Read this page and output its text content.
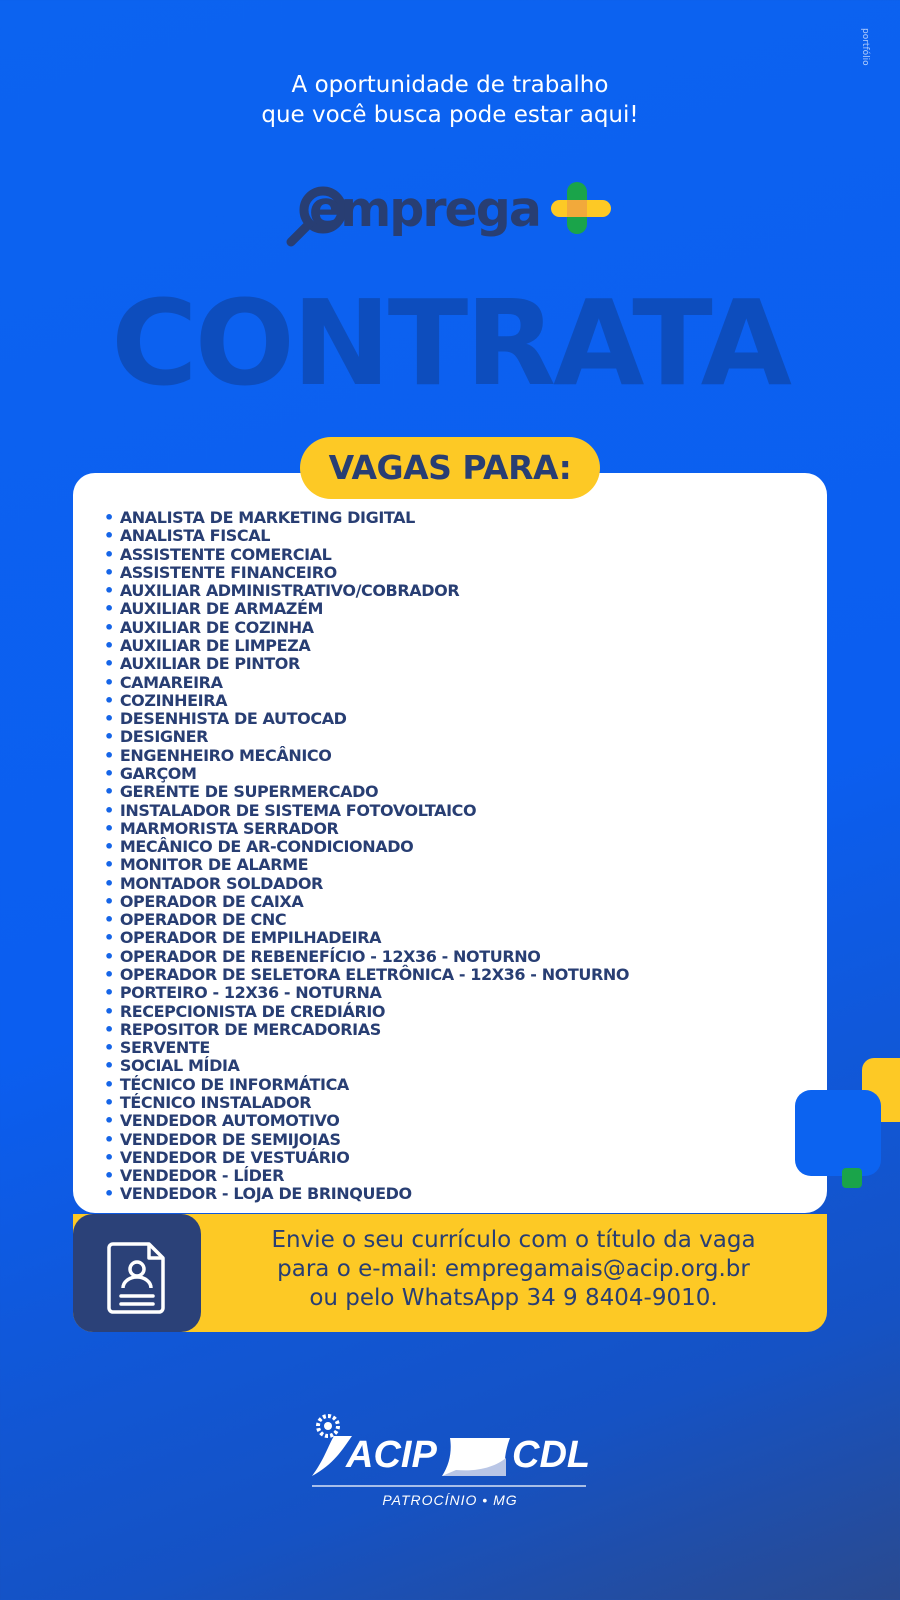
portfólio
A oportunidade de trabalho
que você busca pode estar aqui!
emprega
CONTRATA
VAGAS PARA:
• ANALISTA DE MARKETING DIGITAL
• ANALISTA FISCAL
• ASSISTENTE COMERCIAL
• ASSISTENTE FINANCEIRO
• AUXILIAR ADMINISTRATIVO/COBRADOR
• AUXILIAR DE ARMAZÉM
• AUXILIAR DE COZINHA
• AUXILIAR DE LIMPEZA
• AUXILIAR DE PINTOR
• CAMAREIRA
• COZINHEIRA
• DESENHISTA DE AUTOCAD
• DESIGNER
• ENGENHEIRO MECÂNICO
• GARÇOM
• GERENTE DE SUPERMERCADO
• INSTALADOR DE SISTEMA FOTOVOLTAICO
• MARMORISTA SERRADOR
• MECÂNICO DE AR-CONDICIONADO
• MONITOR DE ALARME
• MONTADOR SOLDADOR
• OPERADOR DE CAIXA
• OPERADOR DE CNC
• OPERADOR DE EMPILHADEIRA
• OPERADOR DE REBENEFÍCIO - 12X36 - NOTURNO
• OPERADOR DE SELETORA ELETRÔNICA - 12X36 - NOTURNO
• PORTEIRO - 12X36 - NOTURNA
• RECEPCIONISTA DE CREDIÁRIO
• REPOSITOR DE MERCADORIAS
• SERVENTE
• SOCIAL MÍDIA
• TÉCNICO DE INFORMÁTICA
• TÉCNICO INSTALADOR
• VENDEDOR AUTOMOTIVO
• VENDEDOR DE SEMIJOIAS
• VENDEDOR DE VESTUÁRIO
• VENDEDOR - LÍDER
• VENDEDOR - LOJA DE BRINQUEDO
Envie o seu currículo com o título da vaga
para o e-mail: empregamais@acip.org.br
ou pelo WhatsApp 34 9 8404-9010.
ACIP CDL
PATROCÍNIO • MG
